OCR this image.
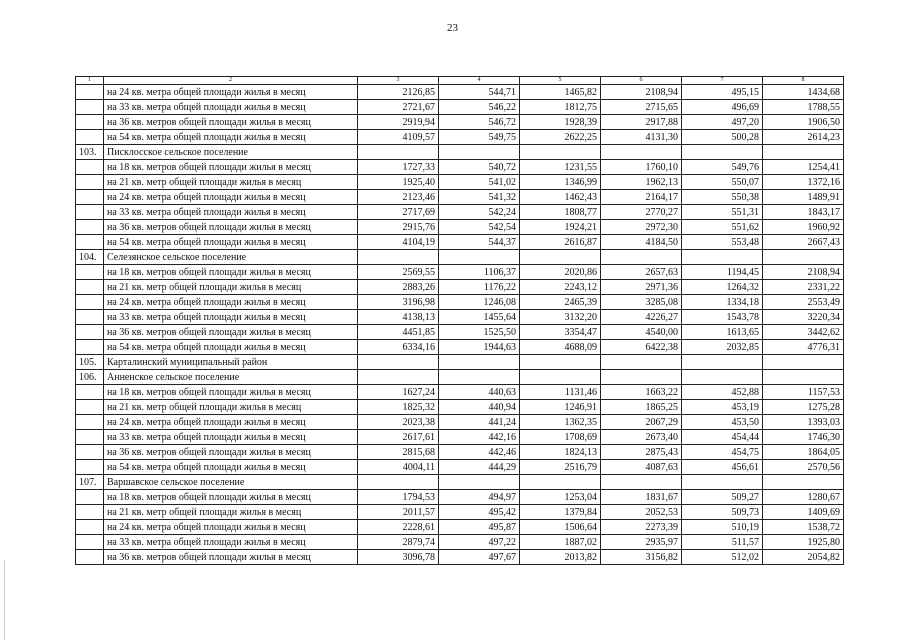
23
1	2	3	4	5	6	7	8
	на 24 кв. метра общей площади жилья в месяц	2126,85	544,71	1465,82	2108,94	495,15	1434,68
	на 33 кв. метра общей площади жилья в месяц	2721,67	546,22	1812,75	2715,65	496,69	1788,55
	на 36 кв. метров общей площади жилья в месяц	2919,94	546,72	1928,39	2917,88	497,20	1906,50
	на 54 кв. метра общей площади жилья в месяц	4109,57	549,75	2622,25	4131,30	500,28	2614,23
103.	Писклосское сельское поселение						
	на 18 кв. метров общей площади жилья в месяц	1727,33	540,72	1231,55	1760,10	549,76	1254,41
	на 21 кв. метр общей площади жилья в месяц	1925,40	541,02	1346,99	1962,13	550,07	1372,16
	на 24 кв. метра общей площади жилья в месяц	2123,46	541,32	1462,43	2164,17	550,38	1489,91
	на 33 кв. метра общей площади жилья в месяц	2717,69	542,24	1808,77	2770,27	551,31	1843,17
	на 36 кв. метров общей площади жилья в месяц	2915,76	542,54	1924,21	2972,30	551,62	1960,92
	на 54 кв. метра общей площади жилья в месяц	4104,19	544,37	2616,87	4184,50	553,48	2667,43
104.	Селезянское сельское поселение						
	на 18 кв. метров общей площади жилья в месяц	2569,55	1106,37	2020,86	2657,63	1194,45	2108,94
	на 21 кв. метр общей площади жилья в месяц	2883,26	1176,22	2243,12	2971,36	1264,32	2331,22
	на 24 кв. метра общей площади жилья в месяц	3196,98	1246,08	2465,39	3285,08	1334,18	2553,49
	на 33 кв. метра общей площади жилья в месяц	4138,13	1455,64	3132,20	4226,27	1543,78	3220,34
	на 36 кв. метров общей площади жилья в месяц	4451,85	1525,50	3354,47	4540,00	1613,65	3442,62
	на 54 кв. метра общей площади жилья в месяц	6334,16	1944,63	4688,09	6422,38	2032,85	4776,31
105.	Карталинский муниципальный район						
106.	Анненское сельское поселение						
	на 18 кв. метров общей площади жилья в месяц	1627,24	440,63	1131,46	1663,22	452,88	1157,53
	на 21 кв. метр общей площади жилья в месяц	1825,32	440,94	1246,91	1865,25	453,19	1275,28
	на 24 кв. метра общей площади жилья в месяц	2023,38	441,24	1362,35	2067,29	453,50	1393,03
	на 33 кв. метра общей площади жилья в месяц	2617,61	442,16	1708,69	2673,40	454,44	1746,30
	на 36 кв. метров общей площади жилья в месяц	2815,68	442,46	1824,13	2875,43	454,75	1864,05
	на 54 кв. метра общей площади жилья в месяц	4004,11	444,29	2516,79	4087,63	456,61	2570,56
107.	Варшавское сельское поселение						
	на 18 кв. метров общей площади жилья в месяц	1794,53	494,97	1253,04	1831,67	509,27	1280,67
	на 21 кв. метр общей площади жилья в месяц	2011,57	495,42	1379,84	2052,53	509,73	1409,69
	на 24 кв. метра общей площади жилья в месяц	2228,61	495,87	1506,64	2273,39	510,19	1538,72
	на 33 кв. метра общей площади жилья в месяц	2879,74	497,22	1887,02	2935,97	511,57	1925,80
	на 36 кв. метров общей площади жилья в месяц	3096,78	497,67	2013,82	3156,82	512,02	2054,82
